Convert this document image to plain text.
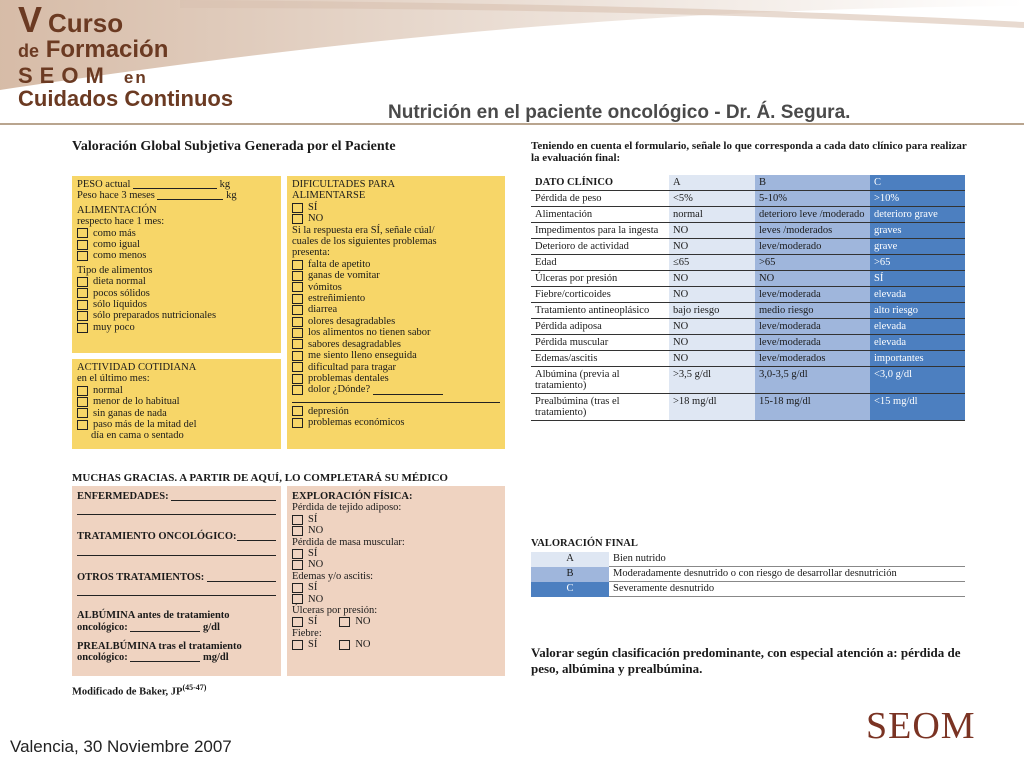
V Curso
de Formación
SEOM en
Cuidados Continuos
Nutrición en el paciente oncológico - Dr. Á. Segura.
Valoración Global Subjetiva Generada por el Paciente
PESO actual

	kg
Peso hace 3 meses

	kg
ALIMENTACIÓN
respecto hace 1 mes:
como más
como igual
como menos
Tipo de alimentos
dieta normal
pocos sólidos
sólo líquidos
sólo preparados nutricionales
muy poco
ACTIVIDAD COTIDIANA
en el último mes:
normal
menor de lo habitual
sin ganas de nada
paso más de la mitad del
día en cama o sentado
DIFICULTADES PARA
ALIMENTARSE
SÍ
NO
Si la respuesta era SÍ, señale cúal/
cuales de los siguientes problemas
presenta:
falta de apetito
ganas de vomitar
vómitos
estreñimiento
diarrea
olores desagradables
los alimentos no tienen sabor
sabores desagradables
me siento lleno enseguida
dificultad para tragar
problemas dentales
dolor ¿Dónde?

depresión
problemas económicos
MUCHAS GRACIAS. A PARTIR DE AQUÍ, LO COMPLETARÁ SU MÉDICO
ENFERMEDADES:

TRATAMIENTO ONCOLÓGICO:
OTROS TRATAMIENTOS:

ALBÚMINA antes de tratamiento
oncológico:

	g/dl
PREALBÚMINA tras el tratamiento
oncológico:

	mg/dl
EXPLORACIÓN FÍSICA:
Pérdida de tejido adiposo:
SÍ
NO
Pérdida de masa muscular:
SÍ
NO
Edemas y/o ascitis:
SÍ
NO
Úlceras por presión:
SÍ	NO
Fiebre:
SÍ	NO
Modificado de Baker, JP$^{(45-47)}$
Teniendo en cuenta el formulario, señale lo que corresponda a cada dato clínico para realizar la evaluación final:
DATO CLÍNICO	A	B	C
Pérdida de peso	<5%	5-10%	>10%
Alimentación	normal	deterioro leve /moderado	deterioro grave
Impedimentos para la ingesta	NO	leves /moderados	graves
Deterioro de actividad	NO	leve/moderado	grave
Edad	≤65	>65	>65
Úlceras por presión	NO	NO	SÍ
Fiebre/corticoides	NO	leve/moderada	elevada
Tratamiento antineoplásico	bajo riesgo	medio riesgo	alto riesgo
Pérdida adiposa	NO	leve/moderada	elevada
Pérdida muscular	NO	leve/moderada	elevada
Edemas/ascitis	NO	leve/moderados	importantes
Albúmina (previa al tratamiento)	>3,5 g/dl	3,0-3,5 g/dl	<3,0 g/dl
Prealbúmina (tras el tratamiento)	>18 mg/dl	15-18 mg/dl	<15 mg/dl
VALORACIÓN FINAL
A	Bien nutrido
B	Moderadamente desnutrido o con riesgo de desarrollar desnutrición
C	Severamente desnutrido
Valorar según clasificación predominante, con especial atención a: pérdida de peso, albúmina y prealbúmina.
Valencia, 30 Noviembre 2007	SEOM
